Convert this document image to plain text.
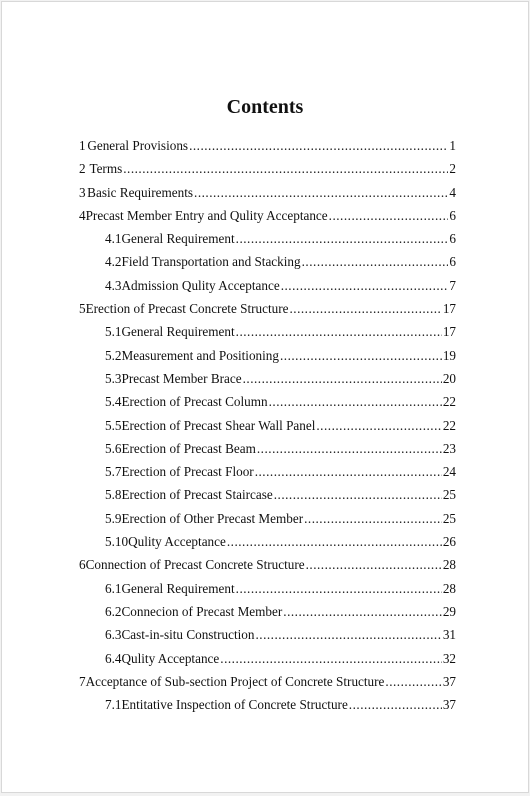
Contents
1 General Provisions .....	1
2 Terms .....	2
3 Basic Requirements .....	4
4 Precast Member Entry and Qulity Acceptance .....	6
4.1 General Requirement .....	6
4.2 Field Transportation and Stacking .....	6
4.3 Admission Qulity Acceptance .....	7
5 Erection of Precast Concrete Structure .....	17
5.1 General Requirement .....	17
5.2 Measurement and Positioning .....	19
5.3 Precast Member Brace .....	20
5.4 Erection of Precast Column .....	22
5.5 Erection of Precast Shear Wall Panel .....	22
5.6 Erection of Precast Beam .....	23
5.7 Erection of Precast Floor .....	24
5.8 Erection of Precast Staircase .....	25
5.9 Erection of Other Precast Member .....	25
5.10 Qulity Acceptance .....	26
6 Connection of Precast Concrete Structure .....	28
6.1 General Requirement .....	28
6.2 Connecion of Precast Member .....	29
6.3 Cast-in-situ Construction .....	31
6.4 Qulity Acceptance .....	32
7 Acceptance of Sub-section Project of Concrete Structure .....	37
7.1 Entitative Inspection of Concrete Structure .....	37
